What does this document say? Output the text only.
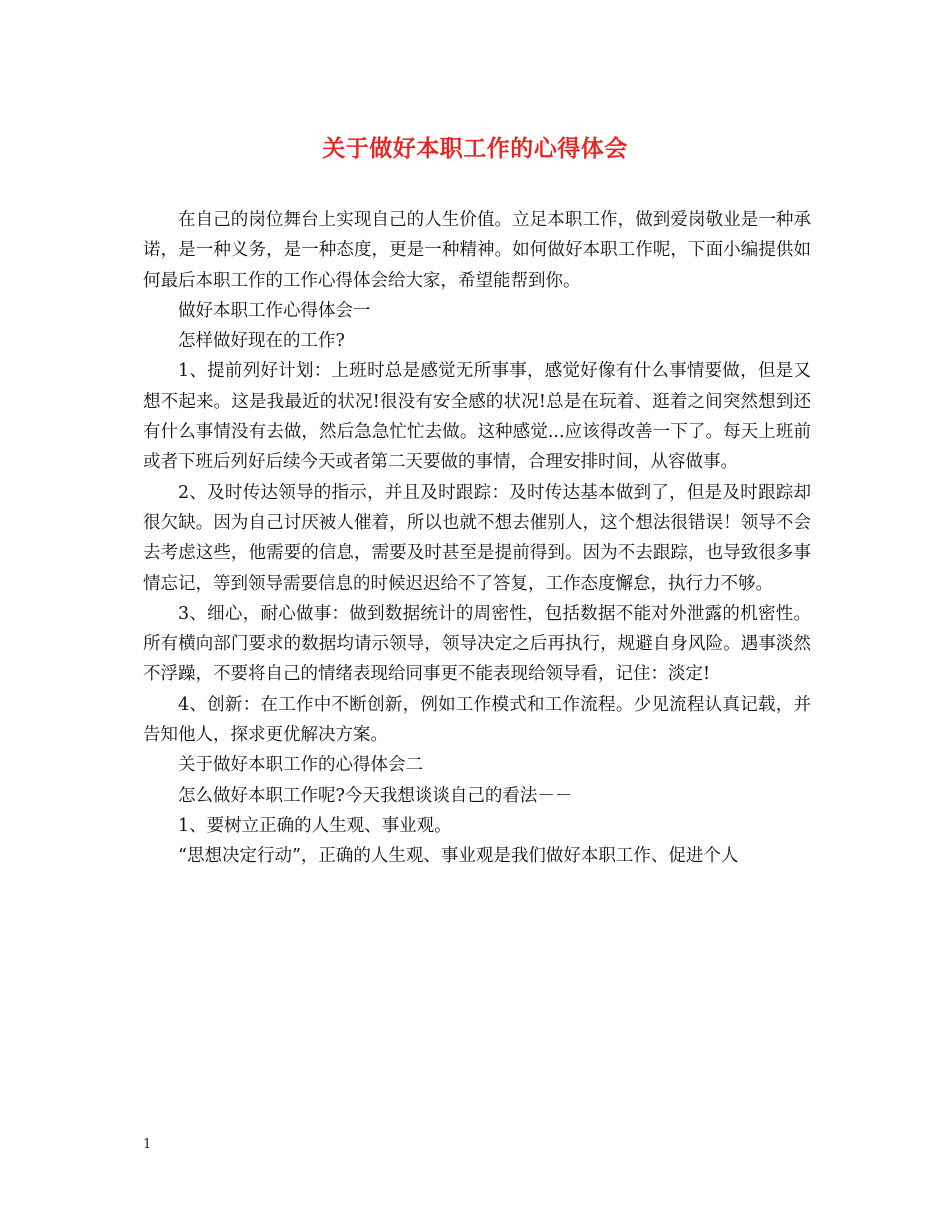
关于做好本职工作的心得体会

在自己的岗位舞台上实现自己的人生价值。立足本职工作，做到爱岗敬业是一种承诺，是一种义务，是一种态度，更是一种精神。如何做好本职工作呢，下面小编提供如何最后本职工作的工作心得体会给大家，希望能帮到你。

做好本职工作心得体会一

怎样做好现在的工作?

1、提前列好计划：上班时总是感觉无所事事，感觉好像有什么事情要做，但是又想不起来。这是我最近的状况!很没有安全感的状况!总是在玩着、逛着之间突然想到还有什么事情没有去做，然后急急忙忙去做。这种感觉...应该得改善一下了。每天上班前或者下班后列好后续今天或者第二天要做的事情，合理安排时间，从容做事。

2、及时传达领导的指示，并且及时跟踪：及时传达基本做到了，但是及时跟踪却很欠缺。因为自己讨厌被人催着，所以也就不想去催别人，这个想法很错误！领导不会去考虑这些，他需要的信息，需要及时甚至是提前得到。因为不去跟踪，也导致很多事情忘记，等到领导需要信息的时候迟迟给不了答复，工作态度懈怠，执行力不够。

3、细心，耐心做事：做到数据统计的周密性，包括数据不能对外泄露的机密性。所有横向部门要求的数据均请示领导，领导决定之后再执行，规避自身风险。遇事淡然不浮躁，不要将自己的情绪表现给同事更不能表现给领导看，记住：淡定!

4、创新：在工作中不断创新，例如工作模式和工作流程。少见流程认真记载，并告知他人，探求更优解决方案。

关于做好本职工作的心得体会二

怎么做好本职工作呢?今天我想谈谈自己的看法－－

1、要树立正确的人生观、事业观。

“思想决定行动”，正确的人生观、事业观是我们做好本职工作、促进个人

1
